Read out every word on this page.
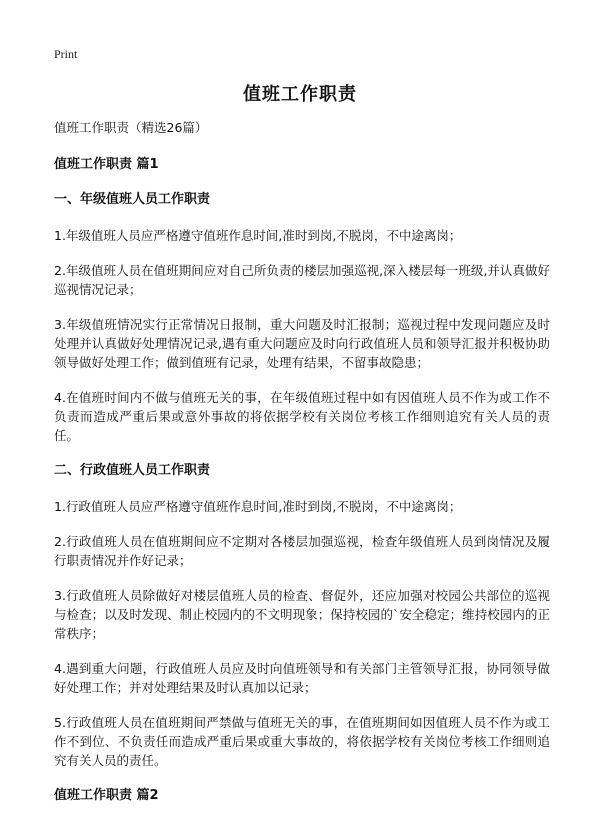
Print
值班工作职责

值班工作职责（精选26篇）

值班工作职责 篇1

一、年级值班人员工作职责

1.年级值班人员应严格遵守值班作息时间,准时到岗,不脱岗，不中途离岗；

2.年级值班人员在值班期间应对自己所负责的楼层加强巡视,深入楼层每一班级,并认真做好巡视情况记录；

3.年级值班情况实行正常情况日报制，重大问题及时汇报制；巡视过程中发现问题应及时处理并认真做好处理情况记录,遇有重大问题应及时向行政值班人员和领导汇报并积极协助领导做好处理工作；做到值班有记录，处理有结果，不留事故隐患；

4.在值班时间内不做与值班无关的事，在年级值班过程中如有因值班人员不作为或工作不负责而造成严重后果或意外事故的将依据学校有关岗位考核工作细则追究有关人员的责任。

二、行政值班人员工作职责

1.行政值班人员应严格遵守值班作息时间,准时到岗,不脱岗，不中途离岗；

2.行政值班人员在值班期间应不定期对各楼层加强巡视，检查年级值班人员到岗情况及履行职责情况并作好记录；

3.行政值班人员除做好对楼层值班人员的检查、督促外，还应加强对校园公共部位的巡视与检查；以及时发现、制止校园内的不文明现象；保持校园的`安全稳定；维持校园内的正常秩序；

4.遇到重大问题，行政值班人员应及时向值班领导和有关部门主管领导汇报，协同领导做好处理工作；并对处理结果及时认真加以记录；

5.行政值班人员在值班期间严禁做与值班无关的事，在值班期间如因值班人员不作为或工作不到位、不负责任而造成严重后果或重大事故的，将依据学校有关岗位考核工作细则追究有关人员的责任。

值班工作职责 篇2
